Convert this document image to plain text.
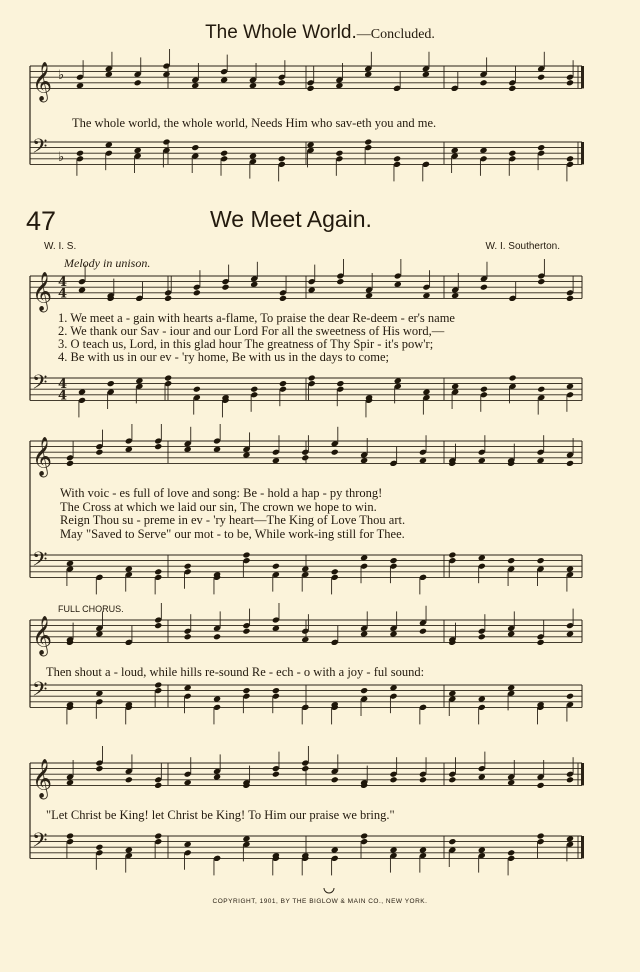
𝄞 ♭
𝄢 ♭
𝄞 4
4
𝄢 4
4
𝄞
𝄢
𝄞
𝄢
𝄞
𝄢
The Whole World.—Concluded.
The whole world, the whole world, Needs Him who sav-eth you and me.
47	We Meet Again.
W. I. S.	W. I. Southerton.
Melody in unison.
1. We meet a - gain with hearts a-flame, To praise the dear Re-deem - er's name
2. We thank our Sav - iour and our Lord For all the sweetness of His word,—
3. O teach us, Lord, in this glad hour The greatness of Thy Spir - it's pow'r;
4. Be with us in our ev - 'ry home, Be with us in the days to come;
With voic - es full of love and song: Be - hold a hap - py throng!
The Cross at which we laid our sin, The crown we hope to win.
Reign Thou su - preme in ev - 'ry heart—The King of Love Thou art.
May "Saved to Serve" our mot - to be, While work-ing still for Thee.
FULL CHORUS.
Then shout a - loud, while hills re-sound Re - ech - o with a joy - ful sound:
"Let Christ be King! let Christ be King! To Him our praise we bring."
COPYRIGHT, 1901, BY THE BIGLOW & MAIN CO., NEW YORK.
